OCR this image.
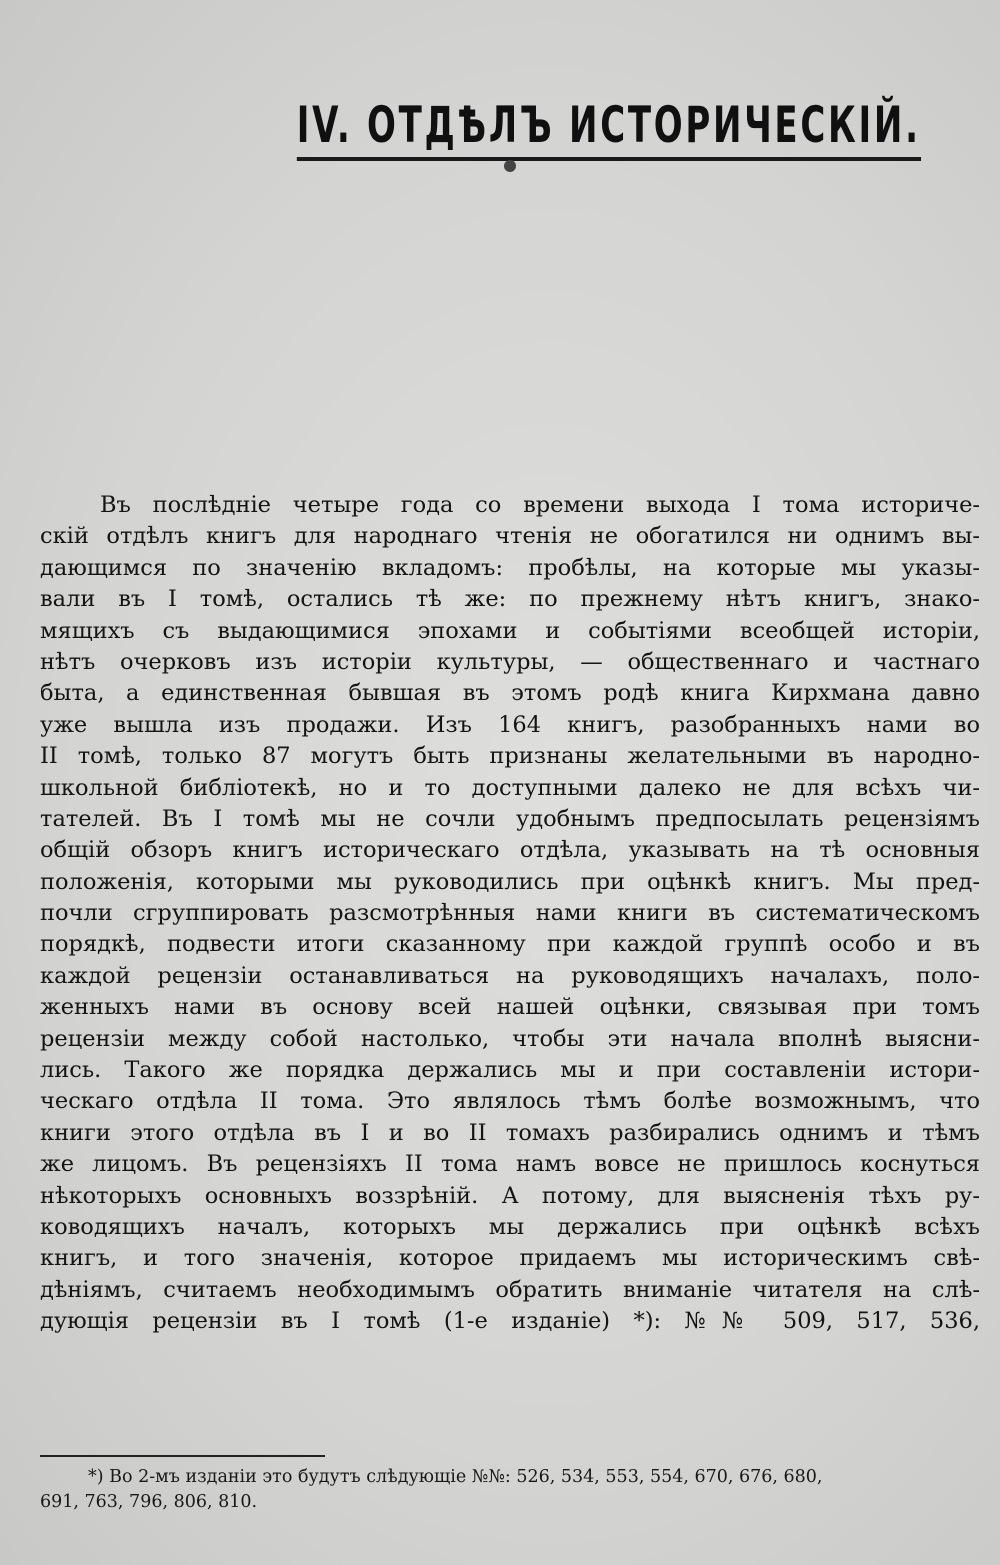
IV. ОТДѢЛЪ ИСТОРИЧЕСКІЙ.
Въ послѣдніе четыре года со времени выхода I тома историче-
скій отдѣлъ книгъ для народнаго чтенія не обогатился ни однимъ вы-
дающимся по значенію вкладомъ: пробѣлы, на которые мы указы-
вали въ I томѣ, остались тѣ же: по прежнему нѣтъ книгъ, знако-
мящихъ съ выдающимися эпохами и событіями всеобщей исторіи,
нѣтъ очерковъ изъ исторіи культуры, — общественнаго и частнаго
быта, а единственная бывшая въ этомъ родѣ книга Кирхмана давно
уже вышла изъ продажи. Изъ 164 книгъ, разобранныхъ нами во
II томѣ, только 87 могутъ быть признаны желательными въ народно-
школьной библіотекѣ, но и то доступными далеко не для всѣхъ чи-
тателей. Въ I томѣ мы не сочли удобнымъ предпосылать рецензіямъ
общій обзоръ книгъ историческаго отдѣла, указывать на тѣ основныя
положенія, которыми мы руководились при оцѣнкѣ книгъ. Мы пред-
почли сгруппировать разсмотрѣнныя нами книги въ систематическомъ
порядкѣ, подвести итоги сказанному при каждой группѣ особо и въ
каждой рецензіи останавливаться на руководящихъ началахъ, поло-
женныхъ нами въ основу всей нашей оцѣнки, связывая при томъ
рецензіи между собой настолько, чтобы эти начала вполнѣ выясни-
лись. Такого же порядка держались мы и при составленіи истори-
ческаго отдѣла II тома. Это являлось тѣмъ болѣе возможнымъ, что
книги этого отдѣла въ I и во II томахъ разбирались однимъ и тѣмъ
же лицомъ. Въ рецензіяхъ II тома намъ вовсе не пришлось коснуться
нѣкоторыхъ основныхъ воззрѣній. А потому, для выясненія тѣхъ ру-
ководящихъ началъ, которыхъ мы держались при оцѣнкѣ всѣхъ
книгъ, и того значенія, которое придаемъ мы историческимъ свѣ-
дѣніямъ, считаемъ необходимымъ обратить вниманіе читателя на слѣ-
дующія рецензіи въ I томѣ (1-е изданіе) *): №№ 509, 517, 536,
*) Во 2-мъ изданіи это будутъ слѣдующіе №№: 526, 534, 553, 554, 670, 676, 680,
691, 763, 796, 806, 810.
